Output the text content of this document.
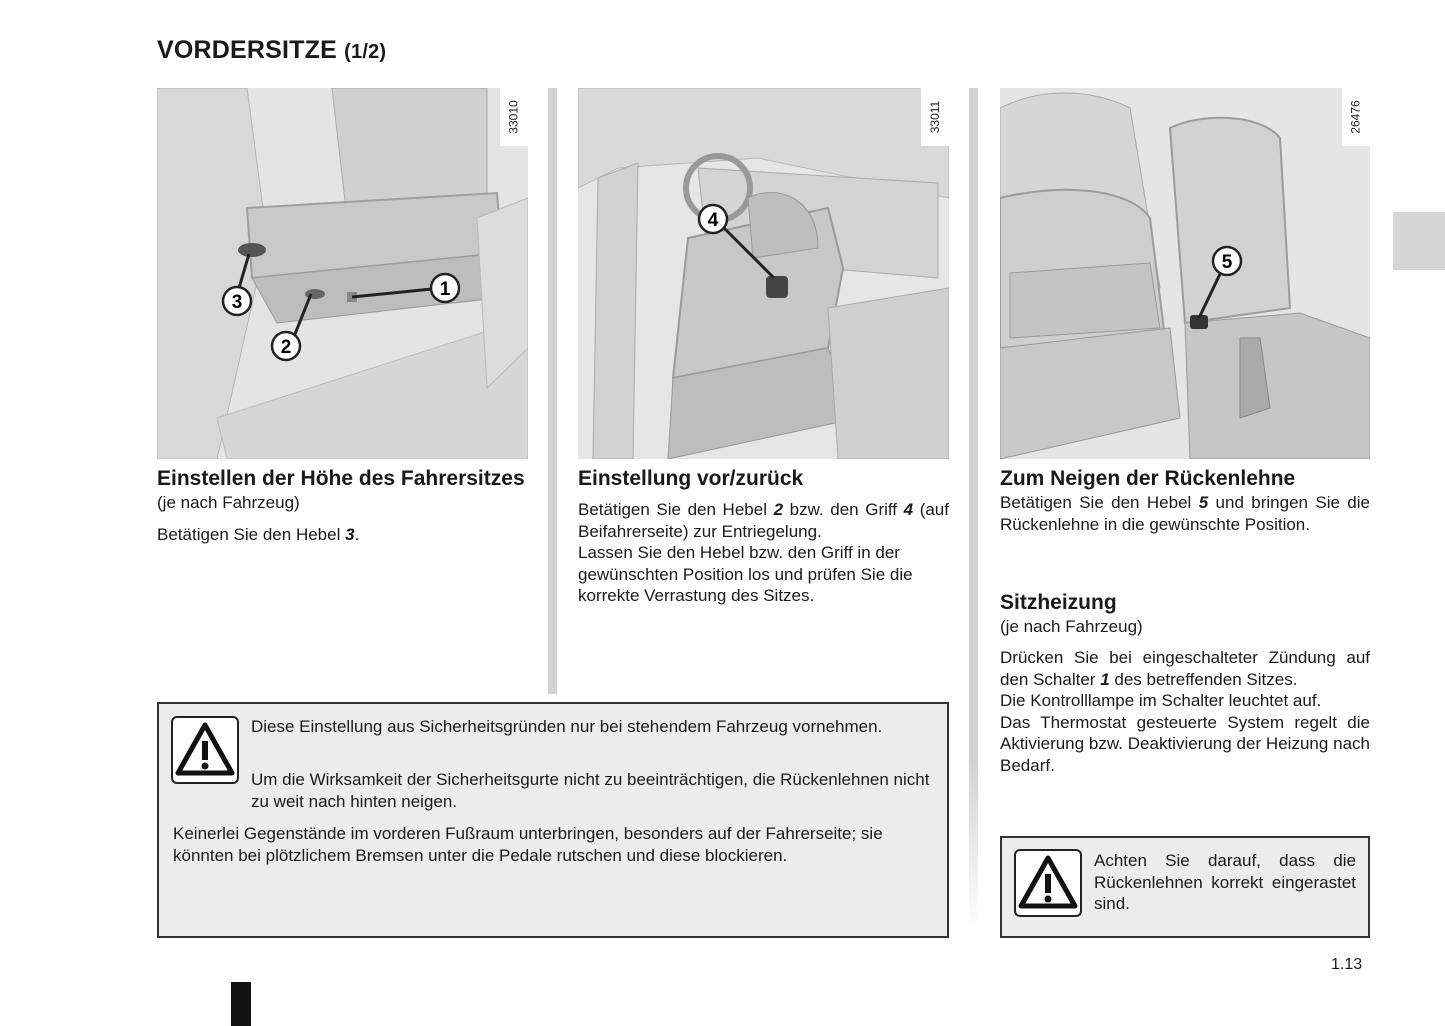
VORDERSITZE (1/2)
1
2
3
33010
4
33011
5
26476
Einstellen der Höhe des Fahrersitzes
(je nach Fahrzeug)
Betätigen Sie den Hebel 3.
Einstellung vor/zurück
Betätigen Sie den Hebel 2 bzw. den Griff 4 (auf Beifahrerseite) zur Entriegelung.
Lassen Sie den Hebel bzw. den Griff in der gewünschten Position los und prüfen Sie die korrekte Verrastung des Sitzes.
Zum Neigen der Rückenlehne
Betätigen Sie den Hebel 5 und bringen Sie die Rückenlehne in die gewünschte Position.
Sitzheizung
(je nach Fahrzeug)
Drücken Sie bei eingeschalteter Zündung auf den Schalter 1 des betreffenden Sitzes.
Die Kontrolllampe im Schalter leuchtet auf.
Das Thermostat gesteuerte System regelt die Aktivierung bzw. Deaktivierung der Heizung nach Bedarf.
Diese Einstellung aus Sicherheitsgründen nur bei stehendem Fahrzeug vornehmen.
Um die Wirksamkeit der Sicherheitsgurte nicht zu beeinträchtigen, die Rückenlehnen nicht zu weit nach hinten neigen.
Keinerlei Gegenstände im vorderen Fußraum unterbringen, besonders auf der Fahrerseite; sie könnten bei plötzlichem Bremsen unter die Pedale rutschen und diese blockieren.	Achten Sie darauf, dass die Rückenlehnen korrekt eingerastet sind.
1.13
